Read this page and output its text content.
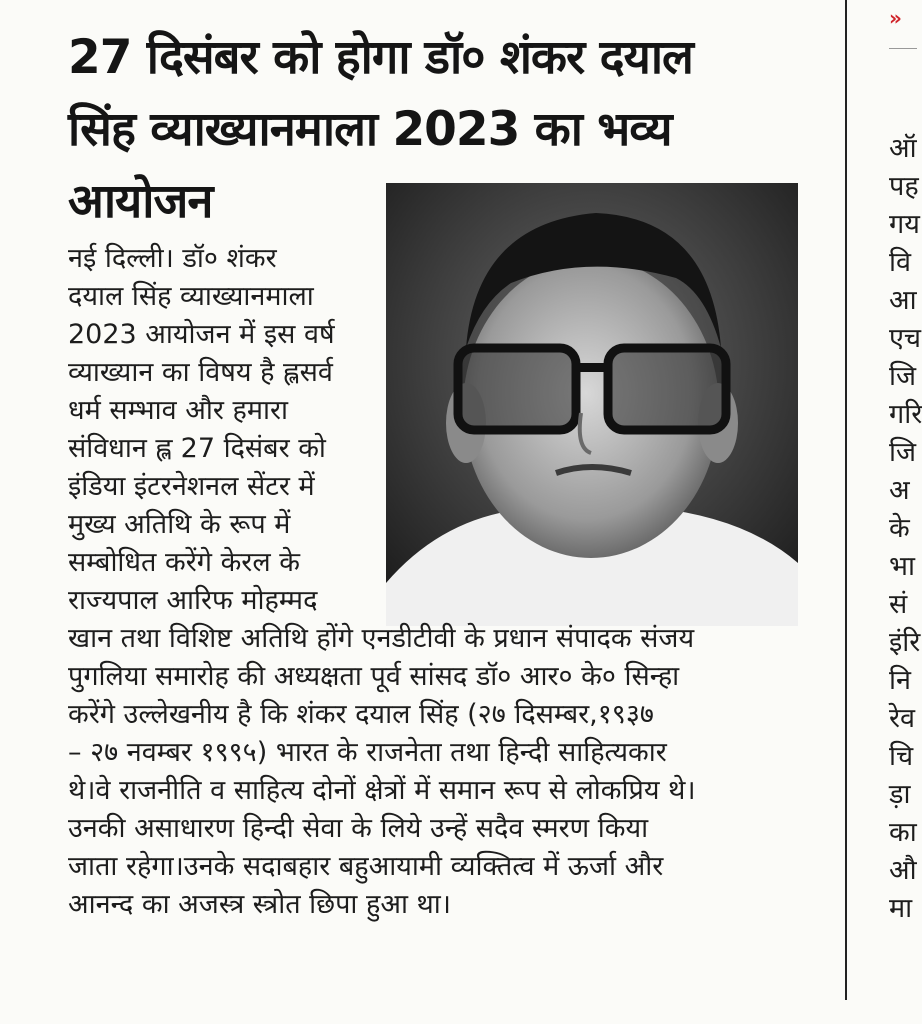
27 दिसंबर को होगा डॉ० शंकर दयाल
सिंह व्याख्यानमाला 2023 का भव्य
आयोजन
नई दिल्ली। डॉ० शंकर
दयाल सिंह व्याख्यानमाला
2023 आयोजन में इस वर्ष
व्याख्यान का विषय है ह्लसर्व
धर्म सम्भाव और हमारा
संविधान ह्ल 27 दिसंबर को
इंडिया इंटरनेशनल सेंटर में
मुख्य अतिथि के रूप में
सम्बोधित करेंगे केरल के
राज्यपाल आरिफ मोहम्मद
खान तथा विशिष्ट अतिथि होंगे एनडीटीवी के प्रधान संपादक संजय
पुगलिया समारोह की अध्यक्षता पूर्व सांसद डॉ० आर० के० सिन्हा
करेंगे उल्लेखनीय है कि शंकर दयाल सिंह (२७ दिसम्बर,१९३७
– २७ नवम्बर १९९५) भारत के राजनेता तथा हिन्दी साहित्यकार
थे।वे राजनीति व साहित्य दोनों क्षेत्रों में समान रूप से लोकप्रिय थे।
उनकी असाधारण हिन्दी सेवा के लिये उन्हें सदैव स्मरण किया
जाता रहेगा।उनके सदाबहार बहुआयामी व्यक्तित्व में ऊर्जा और
आनन्द का अजस्त्र स्त्रोत छिपा हुआ था।
»
ऑ
पह
गय
वि
आ
एच
जि
गरि
जि
अ
के
भा
सं
इंरि
नि
रेव
चि
ड़ा
का
औ
मा
